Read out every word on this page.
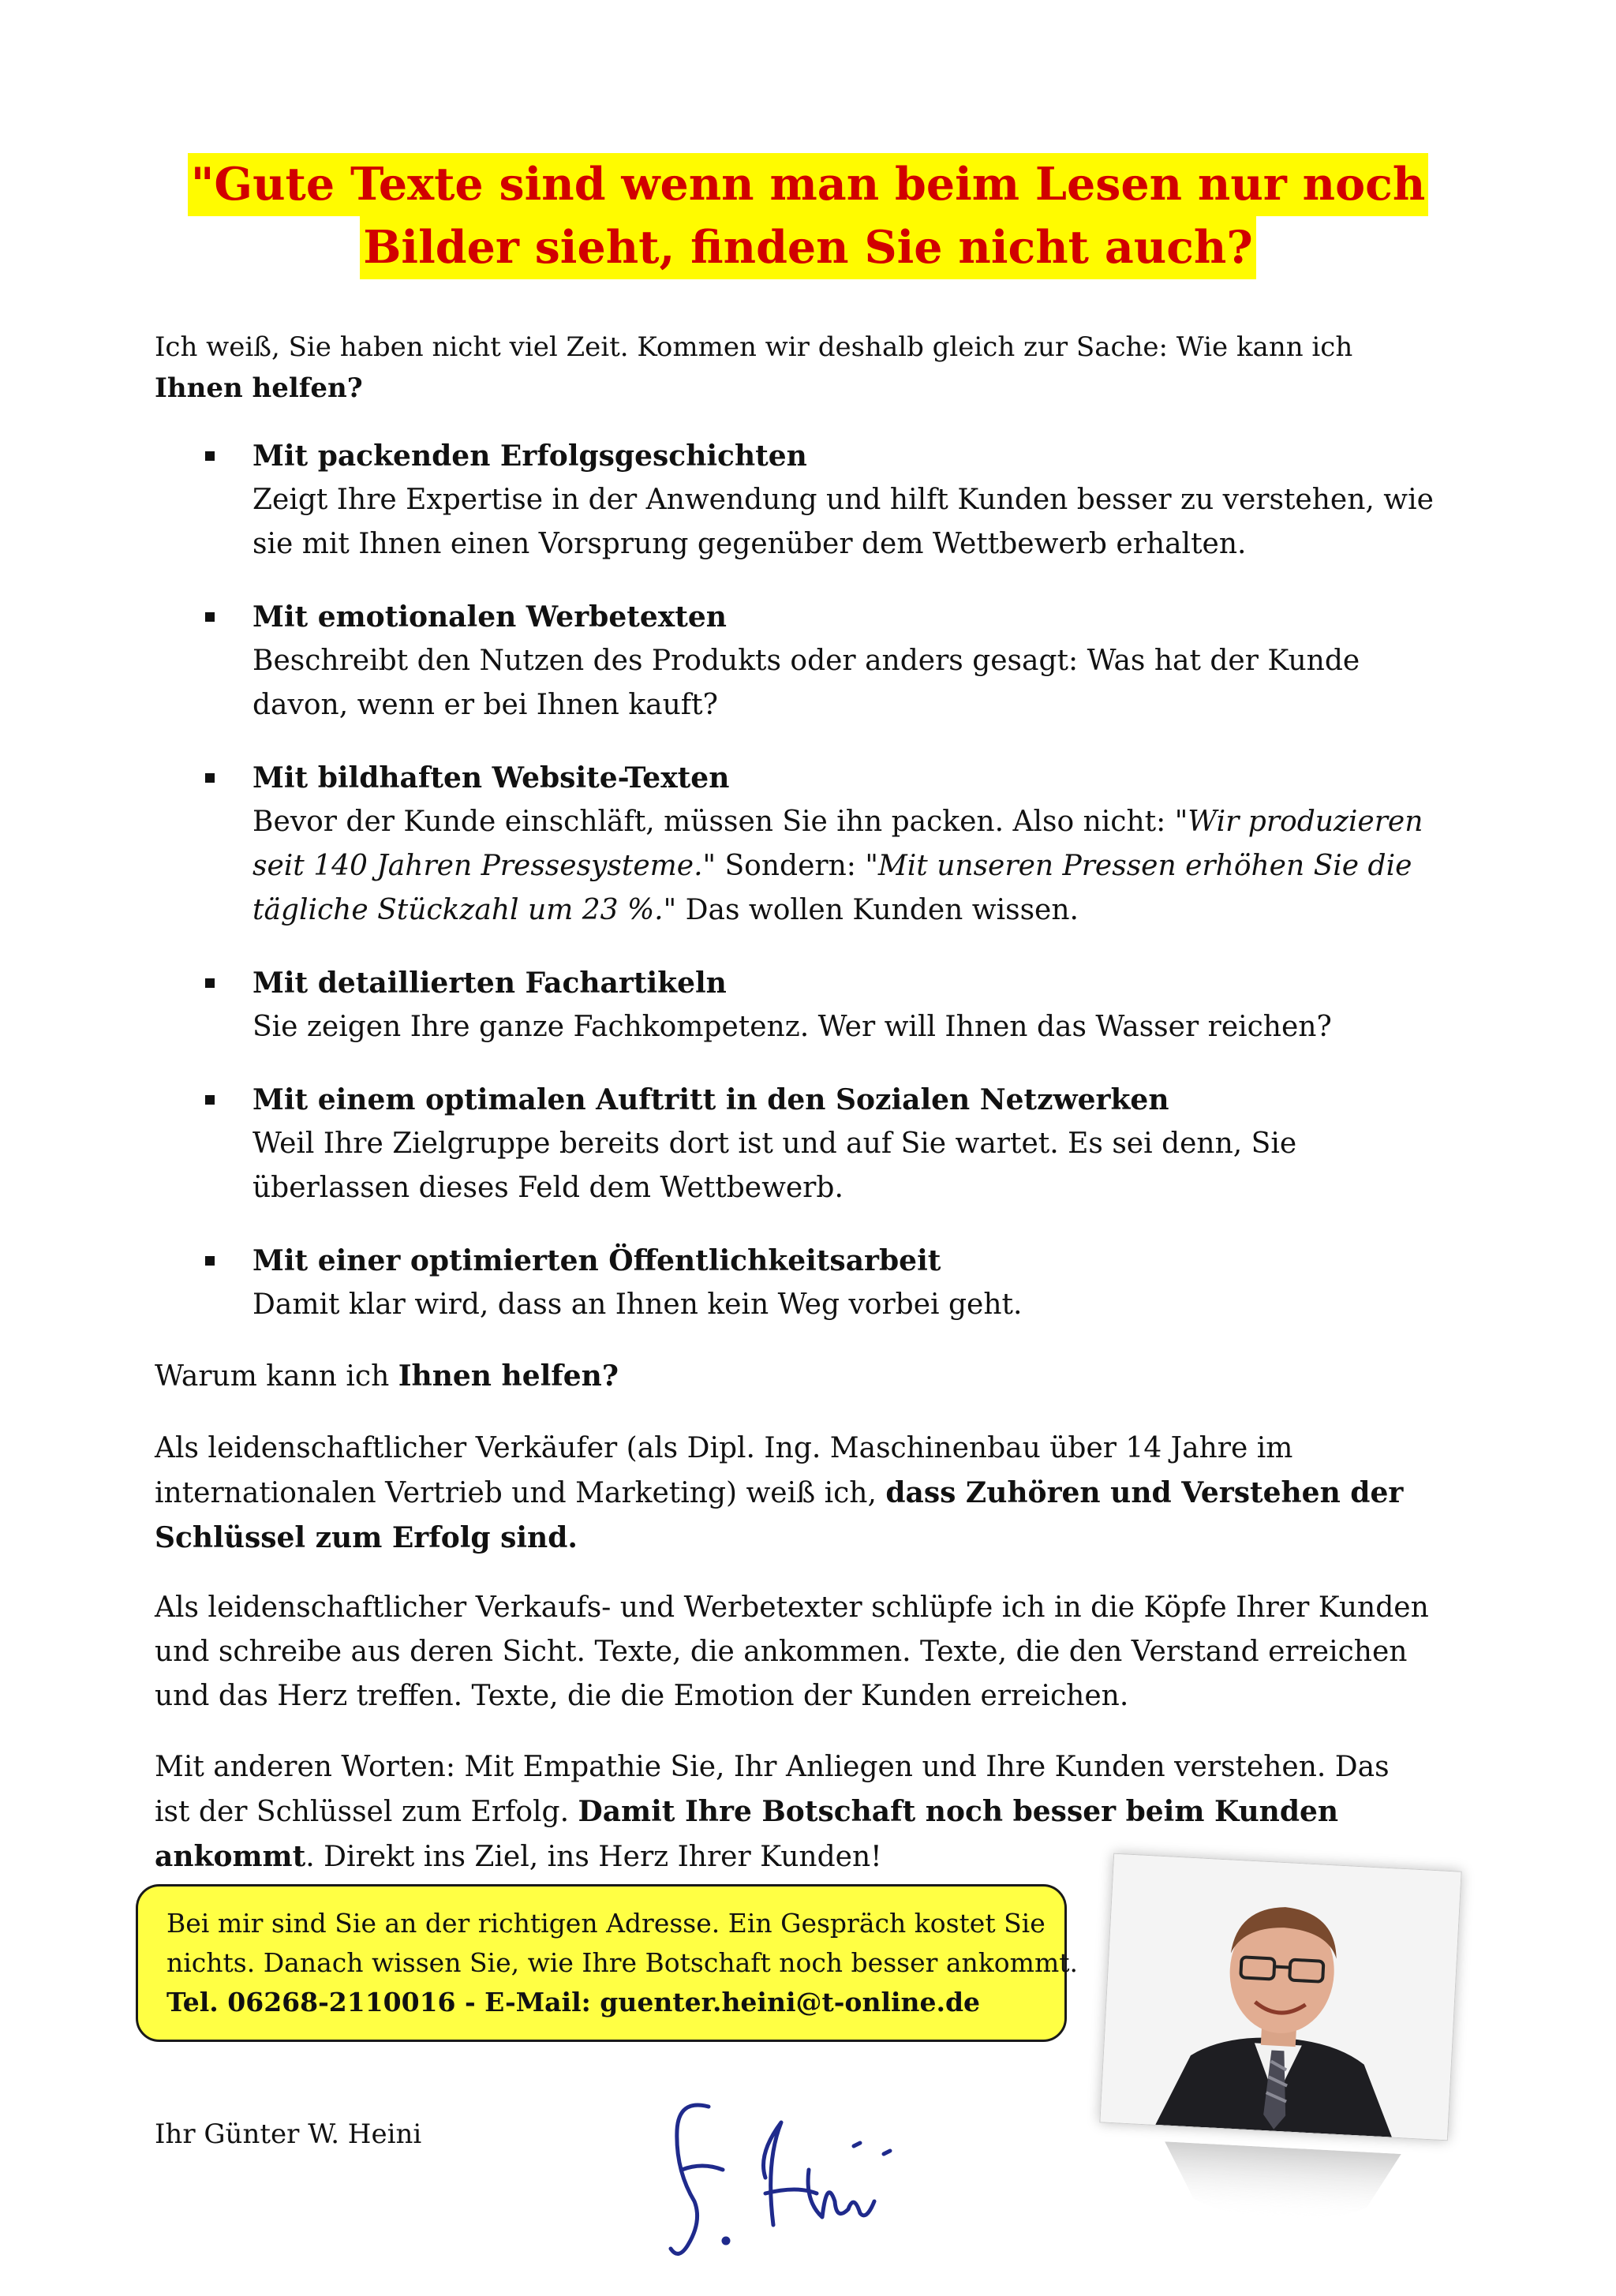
"Gute Texte sind wenn man beim Lesen nur noch
Bilder sieht, finden Sie nicht auch?

Ich weiß, Sie haben nicht viel Zeit. Kommen wir deshalb gleich zur Sache: Wie kann ich Ihnen helfen?

Mit packenden Erfolgsgeschichten
Zeigt Ihre Expertise in der Anwendung und hilft Kunden besser zu verstehen, wie sie mit Ihnen einen Vorsprung gegenüber dem Wettbewerb erhalten.
Mit emotionalen Werbetexten
Beschreibt den Nutzen des Produkts oder anders gesagt: Was hat der Kunde davon, wenn er bei Ihnen kauft?
Mit bildhaften Website-Texten
Bevor der Kunde einschläft, müssen Sie ihn packen. Also nicht: "Wir produzieren seit 140 Jahren Pressesysteme." Sondern: "Mit unseren Pressen erhöhen Sie die tägliche Stückzahl um 23 %." Das wollen Kunden wissen.
Mit detaillierten Fachartikeln
Sie zeigen Ihre ganze Fachkompetenz. Wer will Ihnen das Wasser reichen?
Mit einem optimalen Auftritt in den Sozialen Netzwerken
Weil Ihre Zielgruppe bereits dort ist und auf Sie wartet. Es sei denn, Sie überlassen dieses Feld dem Wettbewerb.
Mit einer optimierten Öffentlichkeitsarbeit
Damit klar wird, dass an Ihnen kein Weg vorbei geht.

Warum kann ich Ihnen helfen?

Als leidenschaftlicher Verkäufer (als Dipl. Ing. Maschinenbau über 14 Jahre im internationalen Vertrieb und Marketing) weiß ich, dass Zuhören und Verstehen der Schlüssel zum Erfolg sind.

Als leidenschaftlicher Verkaufs- und Werbetexter schlüpfe ich in die Köpfe Ihrer Kunden und schreibe aus deren Sicht. Texte, die ankommen. Texte, die den Verstand erreichen und das Herz treffen. Texte, die die Emotion der Kunden erreichen.

Mit anderen Worten: Mit Empathie Sie, Ihr Anliegen und Ihre Kunden verstehen. Das ist der Schlüssel zum Erfolg. Damit Ihre Botschaft noch besser beim Kunden ankommt. Direkt ins Ziel, ins Herz Ihrer Kunden!

Bei mir sind Sie an der richtigen Adresse. Ein Gespräch kostet Sie
nichts. Danach wissen Sie, wie Ihre Botschaft noch besser ankommt.
Tel. 06268-2110016 - E-Mail: guenter.heini@t-online.de
Ihr Günter W. Heini
